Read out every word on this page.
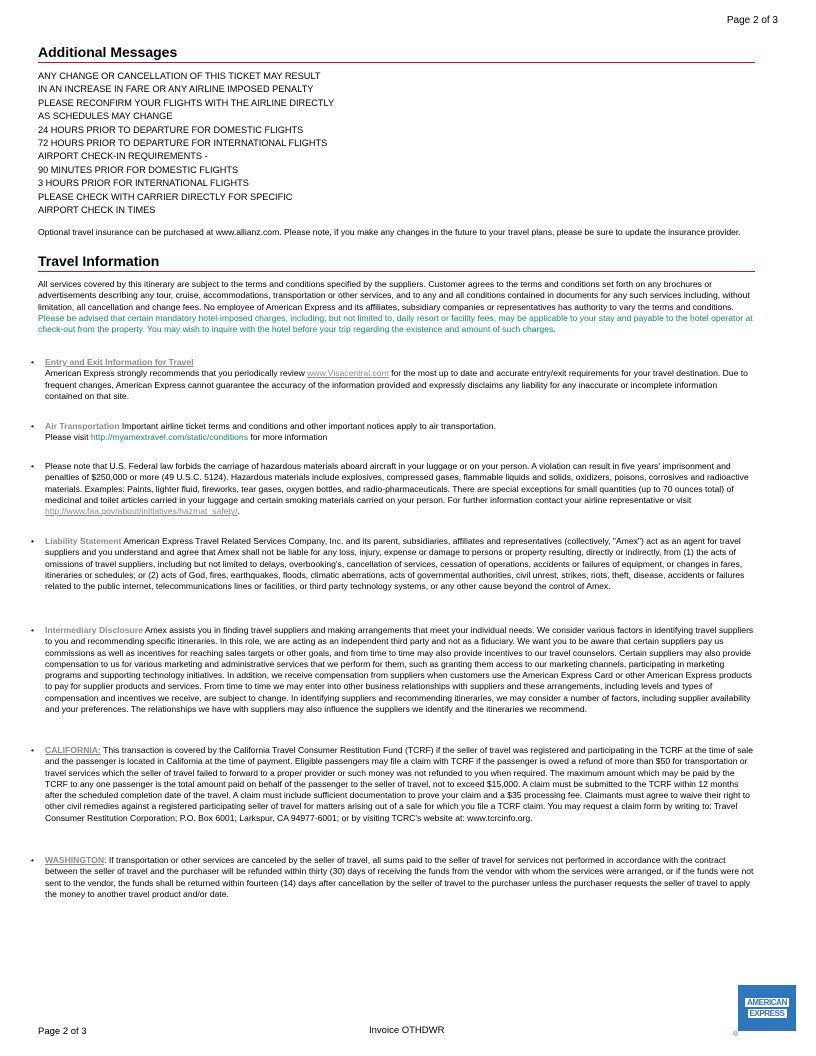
Page 2 of 3
Additional Messages
ANY CHANGE OR CANCELLATION OF THIS TICKET MAY RESULT
IN AN INCREASE IN FARE OR ANY AIRLINE IMPOSED PENALTY
PLEASE RECONFIRM YOUR FLIGHTS WITH THE AIRLINE DIRECTLY
AS SCHEDULES MAY CHANGE
24 HOURS PRIOR TO DEPARTURE FOR DOMESTIC FLIGHTS
72 HOURS PRIOR TO DEPARTURE FOR INTERNATIONAL FLIGHTS
AIRPORT CHECK-IN REQUIREMENTS -
90 MINUTES PRIOR FOR DOMESTIC FLIGHTS
3 HOURS PRIOR FOR INTERNATIONAL FLIGHTS
PLEASE CHECK WITH CARRIER DIRECTLY FOR SPECIFIC
AIRPORT CHECK IN TIMES
Optional travel insurance can be purchased at www.allianz.com. Please note, if you make any changes in the future to your travel plans, please be sure to update the insurance provider.
Travel Information
All services covered by this itinerary are subject to the terms and conditions specified by the suppliers. Customer agrees to the terms and conditions set forth on any brochures or advertisements describing any tour, cruise, accommodations, transportation or other services, and to any and all conditions contained in documents for any such services including, without limitation, all cancellation and change fees. No employee of American Express and its affiliates, subsidiary companies or representatives has authority to vary the terms and conditions. Please be advised that certain mandatory hotel-imposed charges, including, but not limited to, daily resort or facility fees, may be applicable to your stay and payable to the hotel operator at check-out from the property. You may wish to inquire with the hotel before your trip regarding the existence and amount of such charges.
• Entry and Exit Information for Travel
American Express strongly recommends that you periodically review www.Visacentral.com for the most up to date and accurate entry/exit requirements for your travel destination. Due to frequent changes, American Express cannot guarantee the accuracy of the information provided and expressly disclaims any liability for any inaccurate or incomplete information contained on that site.
• Air Transportation Important airline ticket terms and conditions and other important notices apply to air transportation.
Please visit http://myamextravel.com/static/conditions for more information
• Please note that U.S. Federal law forbids the carriage of hazardous materials aboard aircraft in your luggage or on your person. A violation can result in five years' imprisonment and penalties of $250,000 or more (49 U.S.C. 5124). Hazardous materials include explosives, compressed gases, flammable liquids and solids, oxidizers, poisons, corrosives and radioactive materials. Examples: Paints, lighter fluid, fireworks, tear gases, oxygen bottles, and radio-pharmaceuticals. There are special exceptions for small quantities (up to 70 ounces total) of medicinal and toilet articles carried in your luggage and certain smoking materials carried on your person. For further information contact your airline representative or visit http://www.faa.gov/about/initiatives/hazmat_safety/.
• Liability Statement American Express Travel Related Services Company, Inc. and its parent, subsidiaries, affiliates and representatives (collectively, "Amex") act as an agent for travel suppliers and you understand and agree that Amex shall not be liable for any loss, injury, expense or damage to persons or property resulting, directly or indirectly, from (1) the acts of omissions of travel suppliers, including but not limited to delays, overbooking's, cancellation of services, cessation of operations, accidents or failures of equipment, or changes in fares, itineraries or schedules; or (2) acts of God, fires, earthquakes, floods, climatic aberrations, acts of governmental authorities, civil unrest, strikes, riots, theft, disease, accidents or failures related to the public internet, telecommunications lines or facilities, or third party technology systems, or any other cause beyond the control of Amex.
• Intermediary Disclosure Amex assists you in finding travel suppliers and making arrangements that meet your individual needs. We consider various factors in identifying travel suppliers to you and recommending specific itineraries. In this role, we are acting as an independent third party and not as a fiduciary. We want you to be aware that certain suppliers pay us commissions as well as incentives for reaching sales targets or other goals, and from time to time may also provide incentives to our travel counselors. Certain suppliers may also provide compensation to us for various marketing and administrative services that we perform for them, such as granting them access to our marketing channels, participating in marketing programs and supporting technology initiatives. In addition, we receive compensation from suppliers when customers use the American Express Card or other American Express products to pay for supplier products and services. From time to time we may enter into other business relationships with suppliers and these arrangements, including levels and types of compensation and incentives we receive, are subject to change. In identifying suppliers and recommending itineraries, we may consider a number of factors, including supplier availability and your preferences. The relationships we have with suppliers may also influence the suppliers we identify and the itineraries we recommend.
• CALIFORNIA: This transaction is covered by the California Travel Consumer Restitution Fund (TCRF) if the seller of travel was registered and participating in the TCRF at the time of sale and the passenger is located in California at the time of payment. Eligible passengers may file a claim with TCRF if the passenger is owed a refund of more than $50 for transportation or travel services which the seller of travel failed to forward to a proper provider or such money was not refunded to you when required. The maximum amount which may be paid by the TCRF to any one passenger is the total amount paid on behalf of the passenger to the seller of travel, not to exceed $15,000. A claim must be submitted to the TCRF within 12 months after the scheduled completion date of the travel. A claim must include sufficient documentation to prove your claim and a $35 processing fee. Claimants must agree to waive their right to other civil remedies against a registered participating seller of travel for matters arising out of a sale for which you file a TCRF claim. You may request a claim form by writing to: Travel Consumer Restitution Corporation; P.O. Box 6001; Larkspur, CA 94977-6001; or by visiting TCRC's website at: www.tcrcinfo.org.
• WASHINGTON: If transportation or other services are canceled by the seller of travel, all sums paid to the seller of travel for services not performed in accordance with the contract between the seller of travel and the purchaser will be refunded within thirty (30) days of receiving the funds from the vendor with whom the services were arranged, or if the funds were not sent to the vendor, the funds shall be returned within fourteen (14) days after cancellation by the seller of travel to the purchaser unless the purchaser requests the seller of travel to apply the money to another travel product and/or date.
Page 2 of 3	Invoice OTHDWR
AMERICAN
EXPRESS
®
